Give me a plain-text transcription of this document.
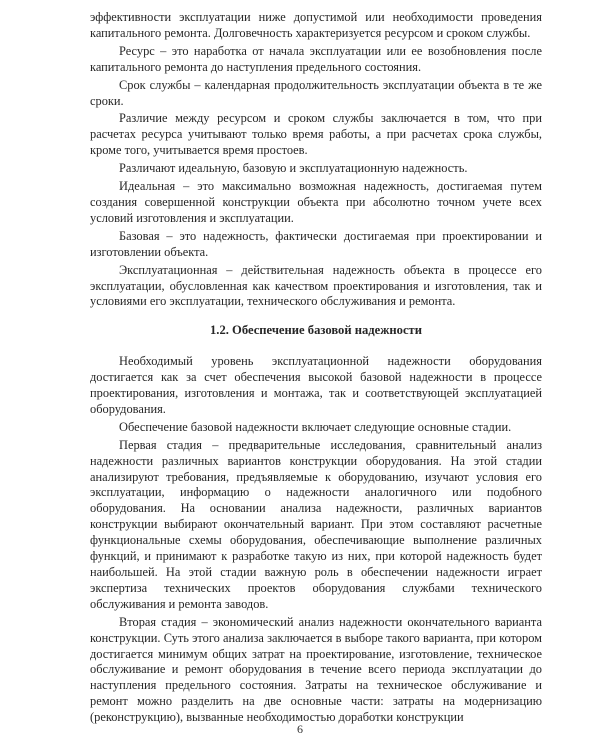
эффективности эксплуатации ниже допустимой или необходимости проведения капитального ремонта. Долговечность характеризуется ресурсом и сроком службы.

Ресурс – это наработка от начала эксплуатации или ее возобновления после капитального ремонта до наступления предельного состояния.

Срок службы – календарная продолжительность эксплуатации объекта в те же сроки.

Различие между ресурсом и сроком службы заключается в том, что при расчетах ресурса учитывают только время работы, а при расчетах срока службы, кроме того, учитывается время простоев.

Различают идеальную, базовую и эксплуатационную надежность.

Идеальная – это максимально возможная надежность, достигаемая путем создания совершенной конструкции объекта при абсолютно точном учете всех условий изготовления и эксплуатации.

Базовая – это надежность, фактически достигаемая при проектировании и изготовлении объекта.

Эксплуатационная – действительная надежность объекта в процессе его эксплуатации, обусловленная как качеством проектирования и изготовления, так и условиями его эксплуатации, технического обслуживания и ремонта.

1.2. Обеспечение базовой надежности

Необходимый уровень эксплуатационной надежности оборудования достигается как за счет обеспечения высокой базовой надежности в процессе проектирования, изготовления и монтажа, так и соответствующей эксплуатацией оборудования.

Обеспечение базовой надежности включает следующие основные стадии.

Первая стадия – предварительные исследования, сравнительный анализ надежности различных вариантов конструкции оборудования. На этой стадии анализируют требования, предъявляемые к оборудованию, изучают условия его эксплуатации, информацию о надежности аналогичного или подобного оборудования. На основании анализа надежности, различных вариантов конструкции выбирают окончательный вариант. При этом составляют расчетные функциональные схемы оборудования, обеспечивающие выполнение различных функций, и принимают к разработке такую из них, при которой надежность будет наибольшей. На этой стадии важную роль в обеспечении надежности играет экспертиза технических проектов оборудования службами технического обслуживания и ремонта заводов.

Вторая стадия – экономический анализ надежности окончательного варианта конструкции. Суть этого анализа заключается в выборе такого варианта, при котором достигается минимум общих затрат на проектирование, изготовление, техническое обслуживание и ремонт оборудования в течение всего периода эксплуатации до наступления предельного состояния. Затраты на техническое обслуживание и ремонт можно разделить на две основные части: затраты на модернизацию (реконструкцию), вызванные необходимостью доработки конструкции

6
